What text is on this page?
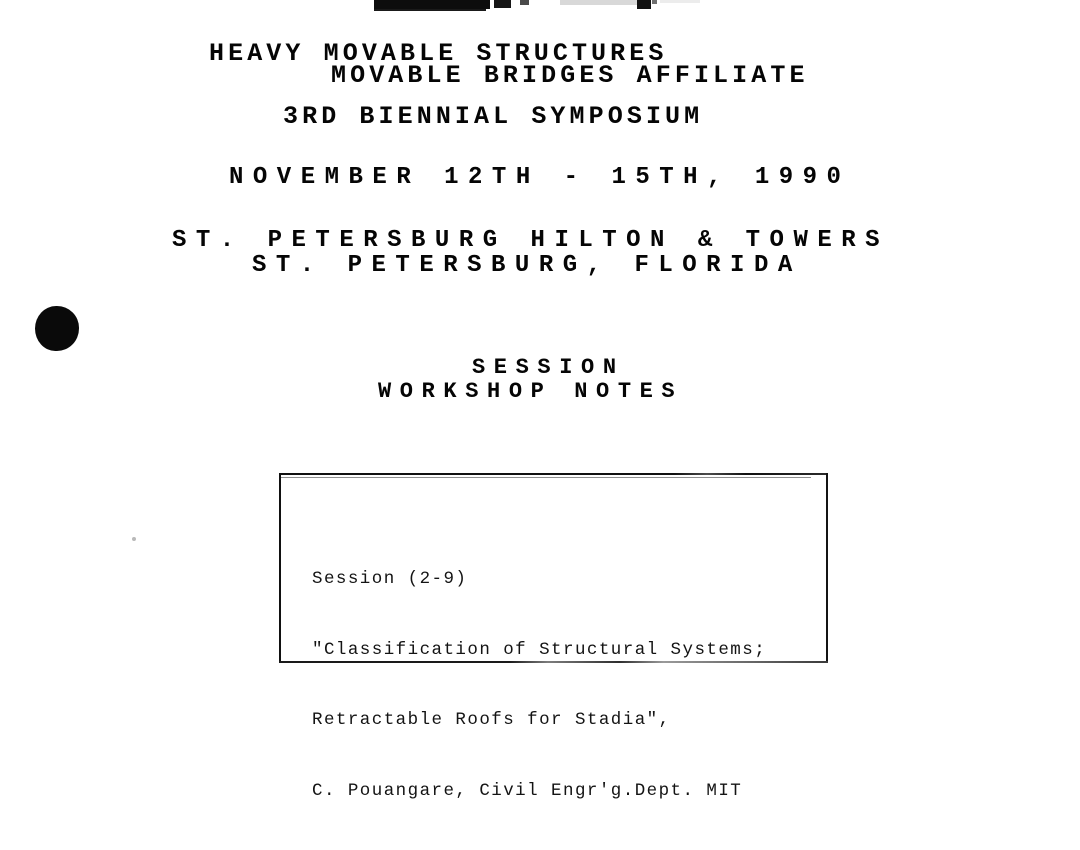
HEAVY MOVABLE STRUCTURES
MOVABLE BRIDGES AFFILIATE
3RD BIENNIAL SYMPOSIUM
NOVEMBER 12TH - 15TH, 1990
ST. PETERSBURG HILTON & TOWERS
ST. PETERSBURG, FLORIDA
SESSION
WORKSHOP NOTES

Session (2-9)

"Classification of Structural Systems;

Retractable Roofs for Stadia",

C. Pouangare, Civil Engr'g.Dept. MIT
